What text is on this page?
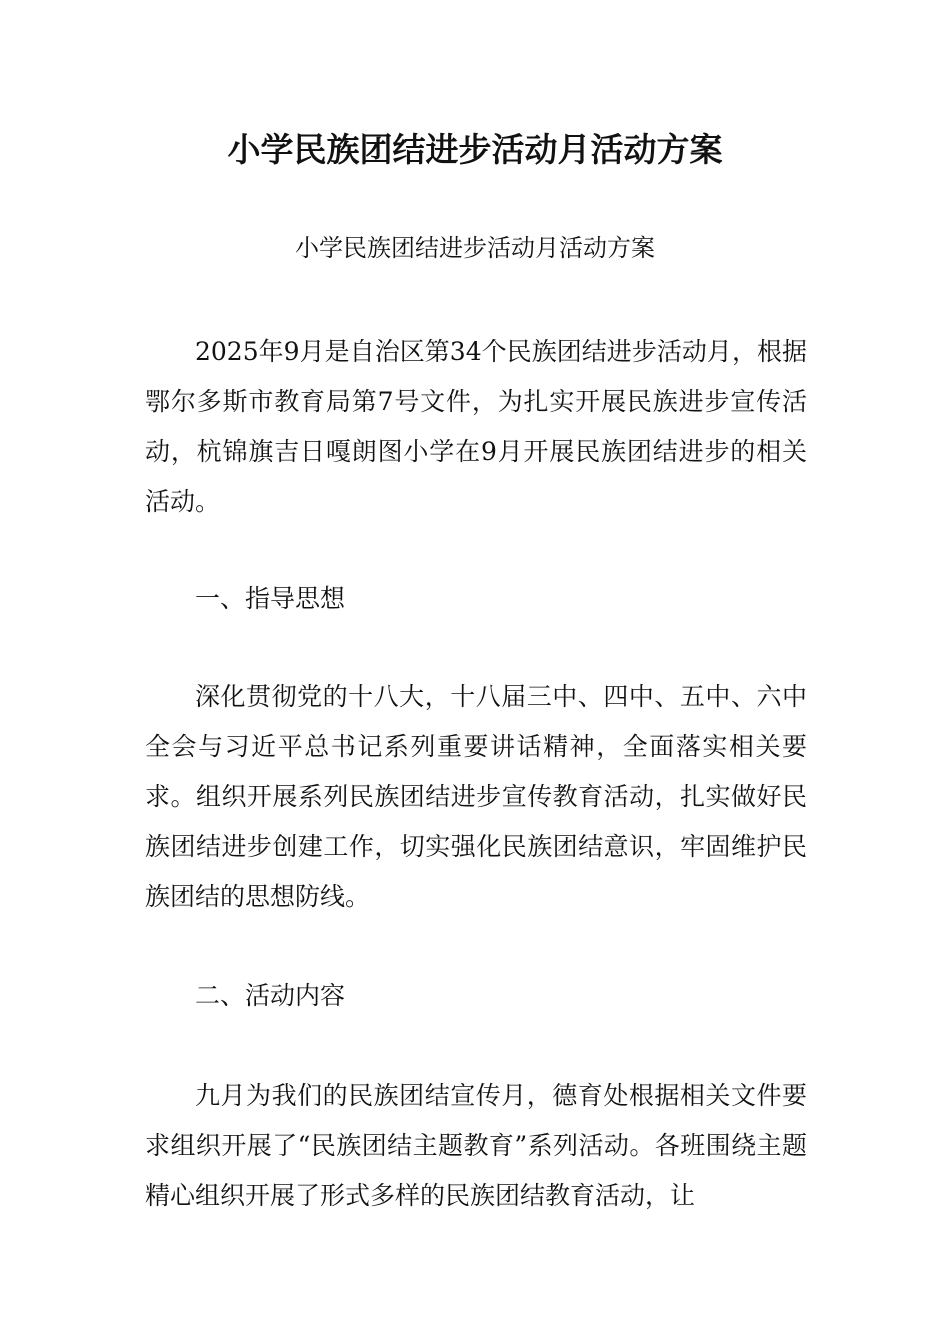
小学民族团结进步活动月活动方案
小学民族团结进步活动月活动方案

2025年9月是自治区第34个民族团结进步活动月，根据鄂尔多斯市教育局第7号文件，为扎实开展民族进步宣传活动，杭锦旗吉日嘎朗图小学在9月开展民族团结进步的相关活动。

一、指导思想

深化贯彻党的十八大，十八届三中、四中、五中、六中全会与习近平总书记系列重要讲话精神，全面落实相关要求。组织开展系列民族团结进步宣传教育活动，扎实做好民族团结进步创建工作，切实强化民族团结意识，牢固维护民族团结的思想防线。

二、活动内容

九月为我们的民族团结宣传月，德育处根据相关文件要求组织开展了“民族团结主题教育”系列活动。各班围绕主题精心组织开展了形式多样的民族团结教育活动，让
